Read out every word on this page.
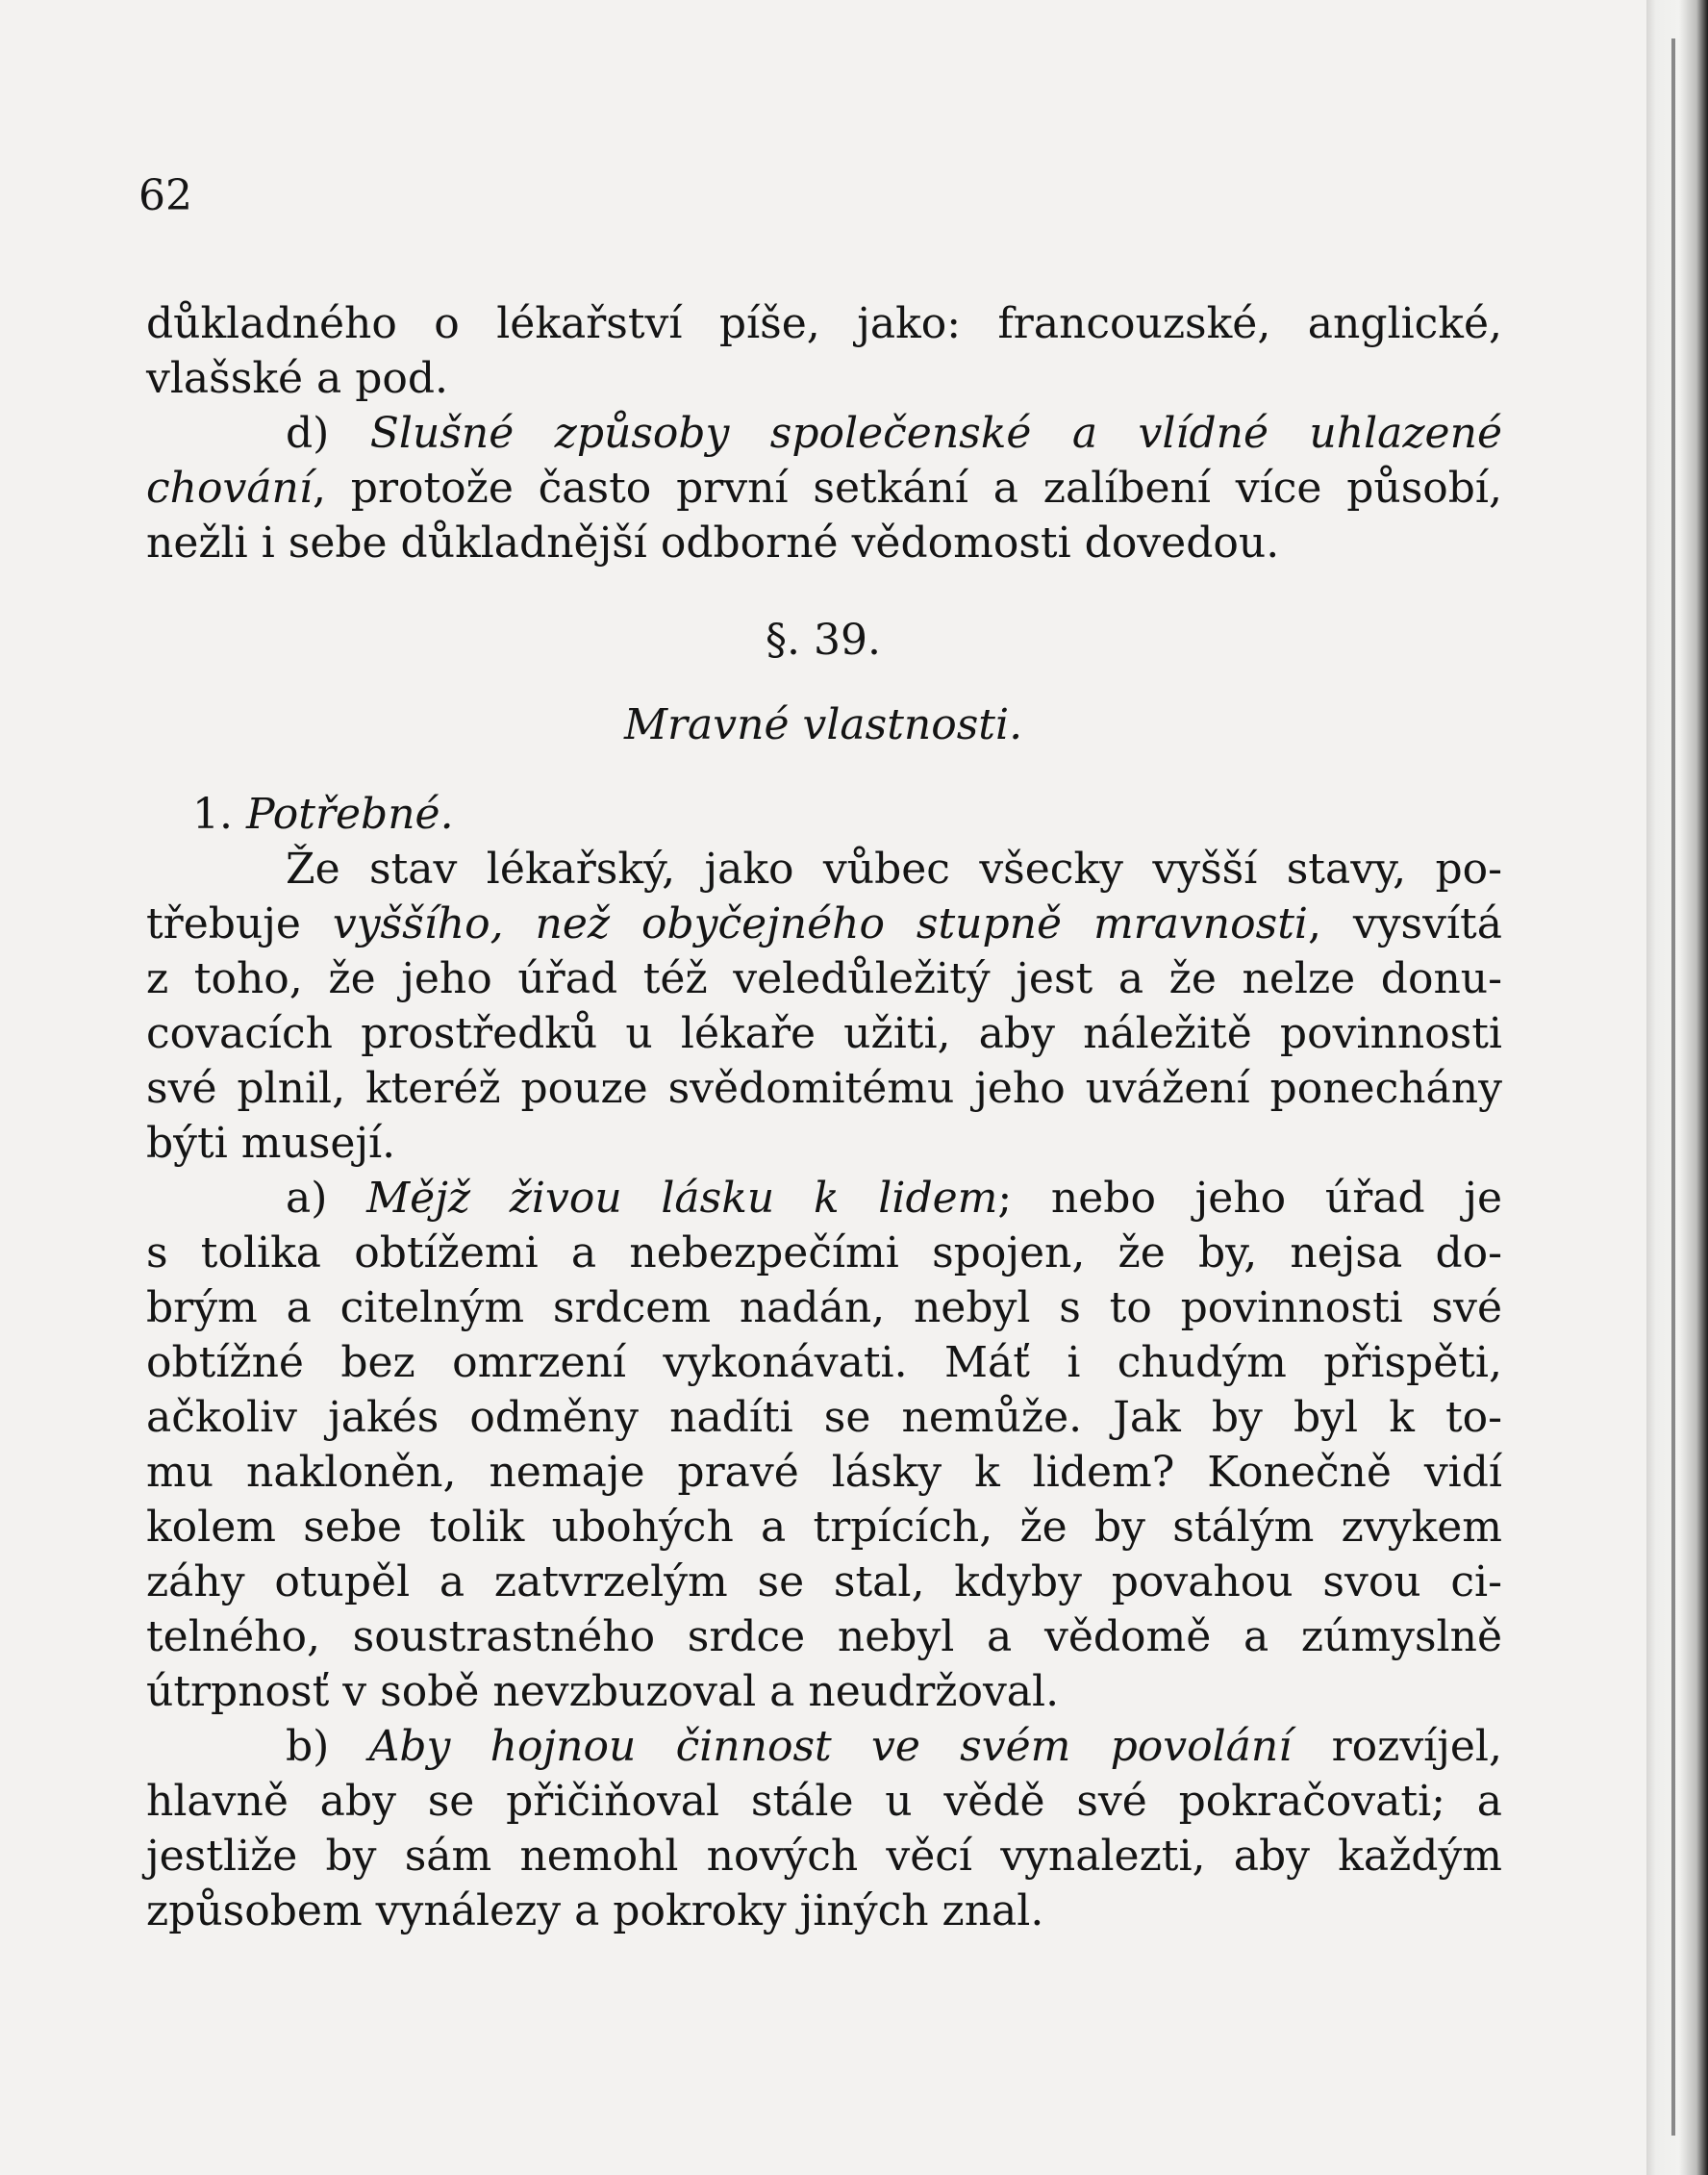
62
důkladného o lékařství píše, jako: francouzské, anglické,
vlašské a pod.
d) Slušné způsoby společenské a vlídné uhlazené
chování, protože často první setkání a zalíbení více působí,
nežli i sebe důkladnější odborné vědomosti dovedou.
§. 39.
Mravné vlastnosti.
1. Potřebné.
Že stav lékařský, jako vůbec všecky vyšší stavy, po-
třebuje vyššího, než obyčejného stupně mravnosti, vysvítá
z toho, že jeho úřad též veledůležitý jest a že nelze donu-
covacích prostředků u lékaře užiti, aby náležitě povinnosti
své plnil, kteréž pouze svědomitému jeho uvážení ponechány
býti musejí.
a) Mějž živou lásku k lidem; nebo jeho úřad je
s tolika obtížemi a nebezpečími spojen, že by, nejsa do-
brým a citelným srdcem nadán, nebyl s to povinnosti své
obtížné bez omrzení vykonávati. Máť i chudým přispěti,
ačkoliv jakés odměny nadíti se nemůže. Jak by byl k to-
mu nakloněn, nemaje pravé lásky k lidem? Konečně vidí
kolem sebe tolik ubohých a trpících, že by stálým zvykem
záhy otupěl a zatvrzelým se stal, kdyby povahou svou ci-
telného, soustrastného srdce nebyl a vědomě a zúmyslně
útrpnosť v sobě nevzbuzoval a neudržoval.
b) Aby hojnou činnost ve svém povolání rozvíjel,
hlavně aby se přičiňoval stále u vědě své pokračovati; a
jestliže by sám nemohl nových věcí vynalezti, aby každým
způsobem vynálezy a pokroky jiných znal.
